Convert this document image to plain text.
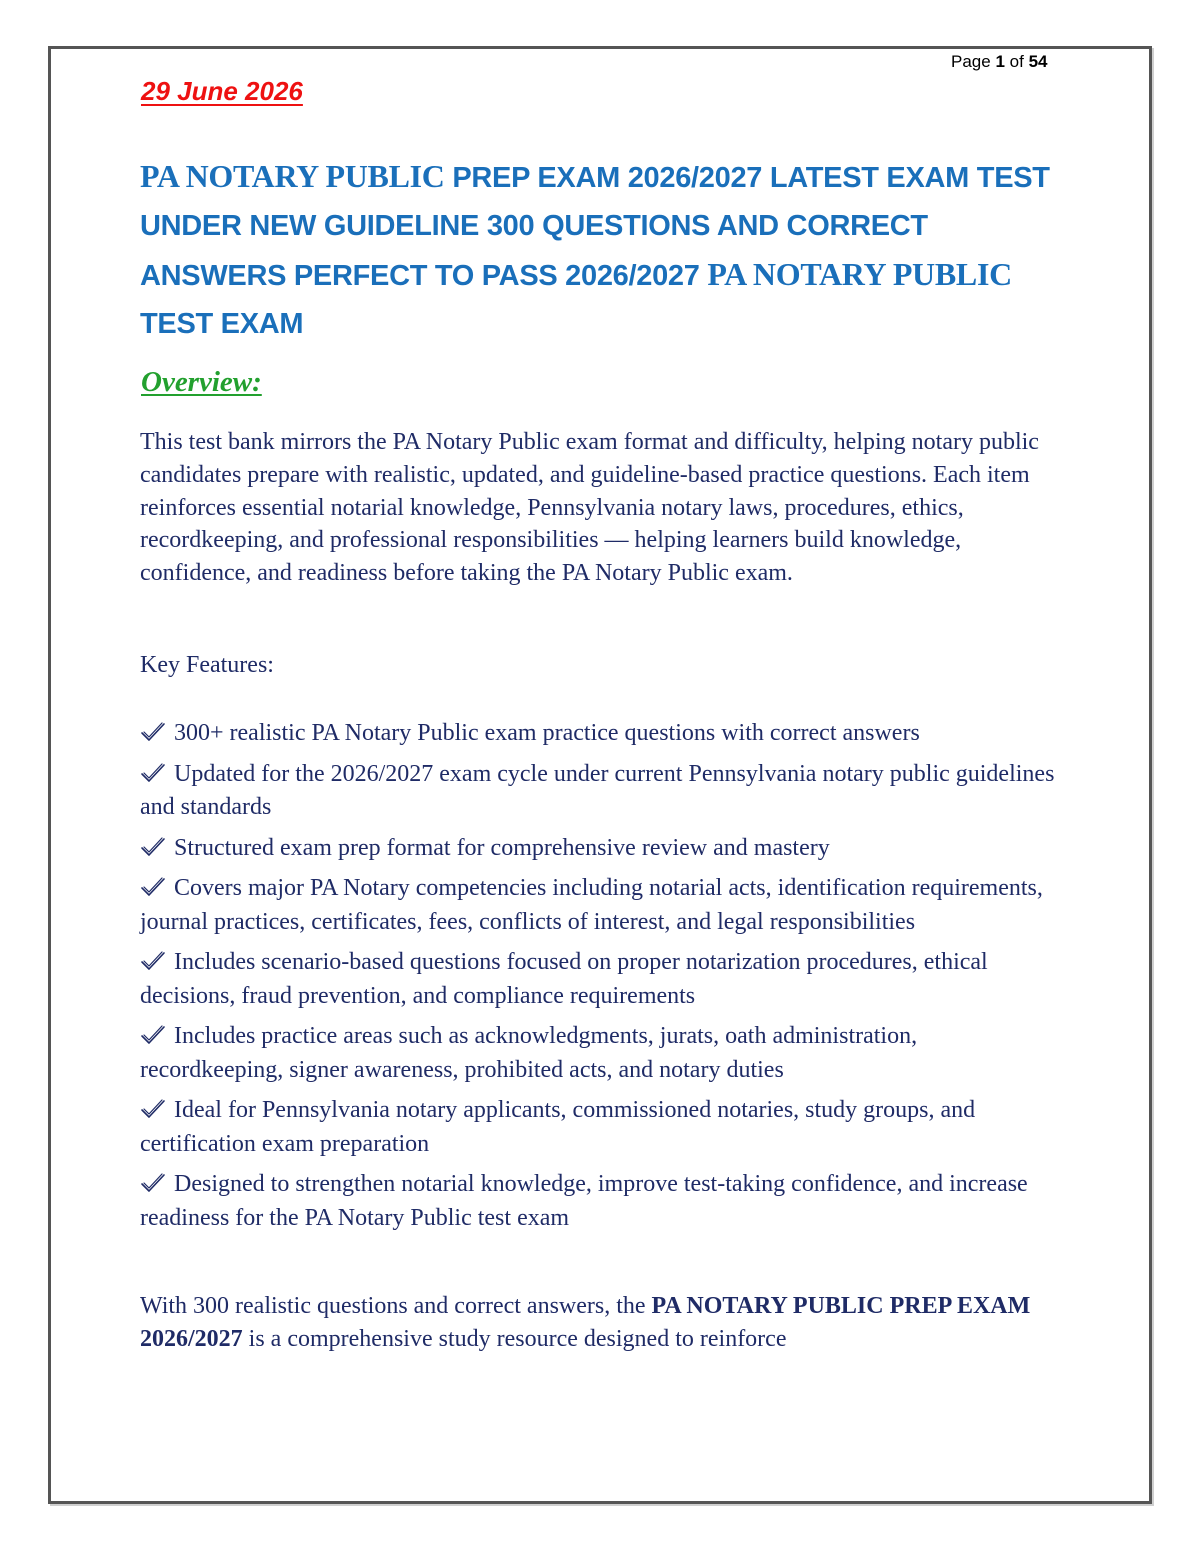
Page 1 of 54
29 June 2026
PA NOTARY PUBLIC PREP EXAM 2026/2027 LATEST EXAM TEST UNDER NEW GUIDELINE 300 QUESTIONS AND CORRECT ANSWERS PERFECT TO PASS 2026/2027 PA NOTARY PUBLIC TEST EXAM
Overview:
This test bank mirrors the PA Notary Public exam format and difficulty, helping notary public candidates prepare with realistic, updated, and guideline-based practice questions. Each item reinforces essential notarial knowledge, Pennsylvania notary laws, procedures, ethics, recordkeeping, and professional responsibilities — helping learners build knowledge, confidence, and readiness before taking the PA Notary Public exam.
Key Features:
300+ realistic PA Notary Public exam practice questions with correct answers
Updated for the 2026/2027 exam cycle under current Pennsylvania notary public guidelines and standards
Structured exam prep format for comprehensive review and mastery
Covers major PA Notary competencies including notarial acts, identification requirements, journal practices, certificates, fees, conflicts of interest, and legal responsibilities
Includes scenario-based questions focused on proper notarization procedures, ethical decisions, fraud prevention, and compliance requirements
Includes practice areas such as acknowledgments, jurats, oath administration, recordkeeping, signer awareness, prohibited acts, and notary duties
Ideal for Pennsylvania notary applicants, commissioned notaries, study groups, and certification exam preparation
Designed to strengthen notarial knowledge, improve test-taking confidence, and increase readiness for the PA Notary Public test exam
With 300 realistic questions and correct answers, the PA NOTARY PUBLIC PREP EXAM 2026/2027 is a comprehensive study resource designed to reinforce
